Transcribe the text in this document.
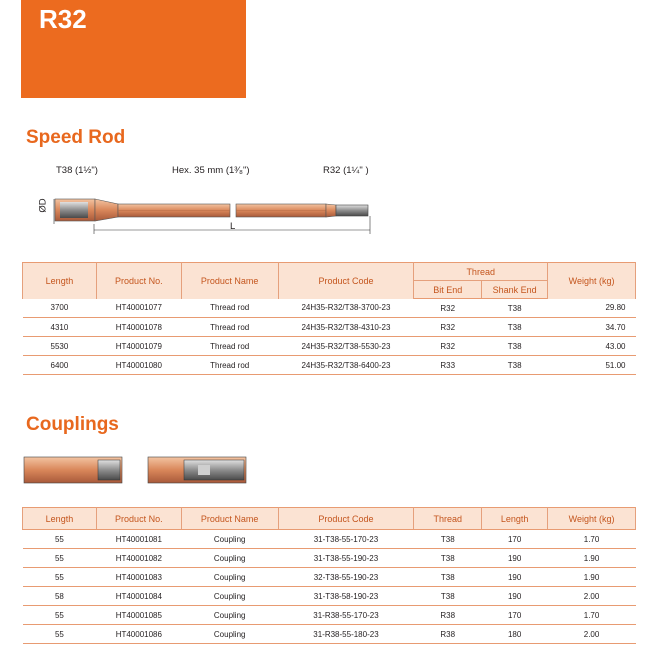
R32
Speed Rod
T38 (1½")	Hex. 35 mm (1³⁄₈")	R32 (1¼" )
ØD
L
Length	Product No.	Product Name	Product Code	Thread		Weight (kg)
				Bit End	Shank End	
3700	HT40001077	Thread rod	24H35-R32/T38-3700-23	R32	T38	29.80
4310	HT40001078	Thread rod	24H35-R32/T38-4310-23	R32	T38	34.70
5530	HT40001079	Thread rod	24H35-R32/T38-5530-23	R32	T38	43.00
6400	HT40001080	Thread rod	24H35-R32/T38-6400-23	R33	T38	51.00
Couplings
Length	Product No.	Product Name	Product Code	Thread	Length	Weight (kg)
55	HT40001081	Coupling	31-T38-55-170-23	T38	170	1.70
55	HT40001082	Coupling	31-T38-55-190-23	T38	190	1.90
55	HT40001083	Coupling	32-T38-55-190-23	T38	190	1.90
58	HT40001084	Coupling	31-T38-58-190-23	T38	190	2.00
55	HT40001085	Coupling	31-R38-55-170-23	R38	170	1.70
55	HT40001086	Coupling	31-R38-55-180-23	R38	180	2.00
